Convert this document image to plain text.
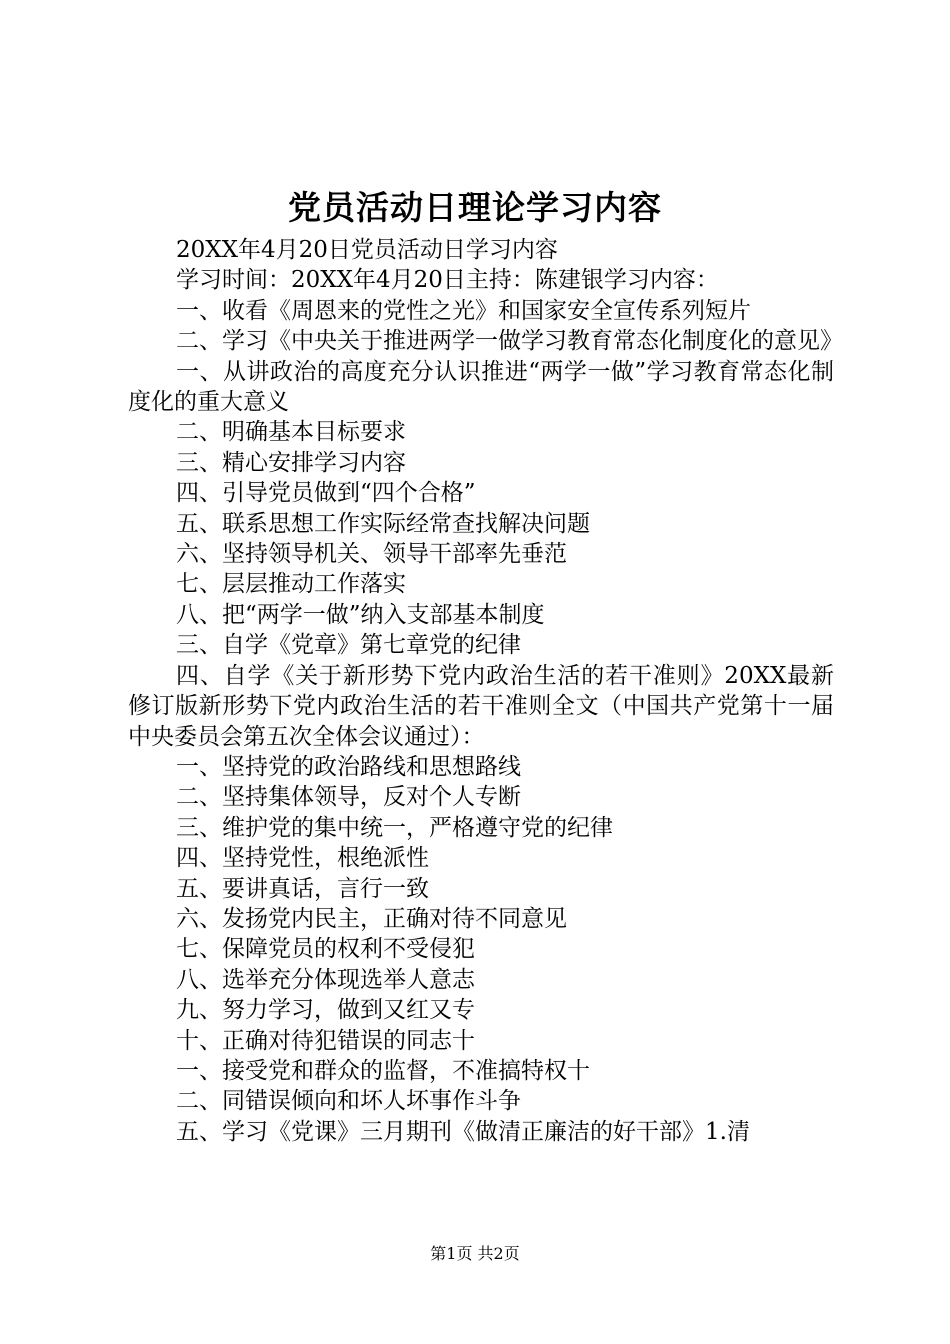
党员活动日理论学习内容

20XX年4月20日党员活动日学习内容

学习时间：20XX年4月20日主持：陈建银学习内容：

一、收看《周恩来的党性之光》和国家安全宣传系列短片

二、学习《中央关于推进两学一做学习教育常态化制度化的意见》

一、从讲政治的高度充分认识推进“两学一做”学习教育常态化制度化的重大意义

二、明确基本目标要求

三、精心安排学习内容

四、引导党员做到“四个合格”

五、联系思想工作实际经常查找解决问题

六、坚持领导机关、领导干部率先垂范

七、层层推动工作落实

八、把“两学一做”纳入支部基本制度

三、自学《党章》第七章党的纪律

四、自学《关于新形势下党内政治生活的若干准则》20XX最新修订版新形势下党内政治生活的若干准则全文（中国共产党第十一届中央委员会第五次全体会议通过）：

一、坚持党的政治路线和思想路线

二、坚持集体领导，反对个人专断

三、维护党的集中统一，严格遵守党的纪律

四、坚持党性，根绝派性

五、要讲真话，言行一致

六、发扬党内民主，正确对待不同意见

七、保障党员的权利不受侵犯

八、选举充分体现选举人意志

九、努力学习，做到又红又专

十、正确对待犯错误的同志十

一、接受党和群众的监督，不准搞特权十

二、同错误倾向和坏人坏事作斗争

五、学习《党课》三月期刊《做清正廉洁的好干部》1.清

第1页 共2页
